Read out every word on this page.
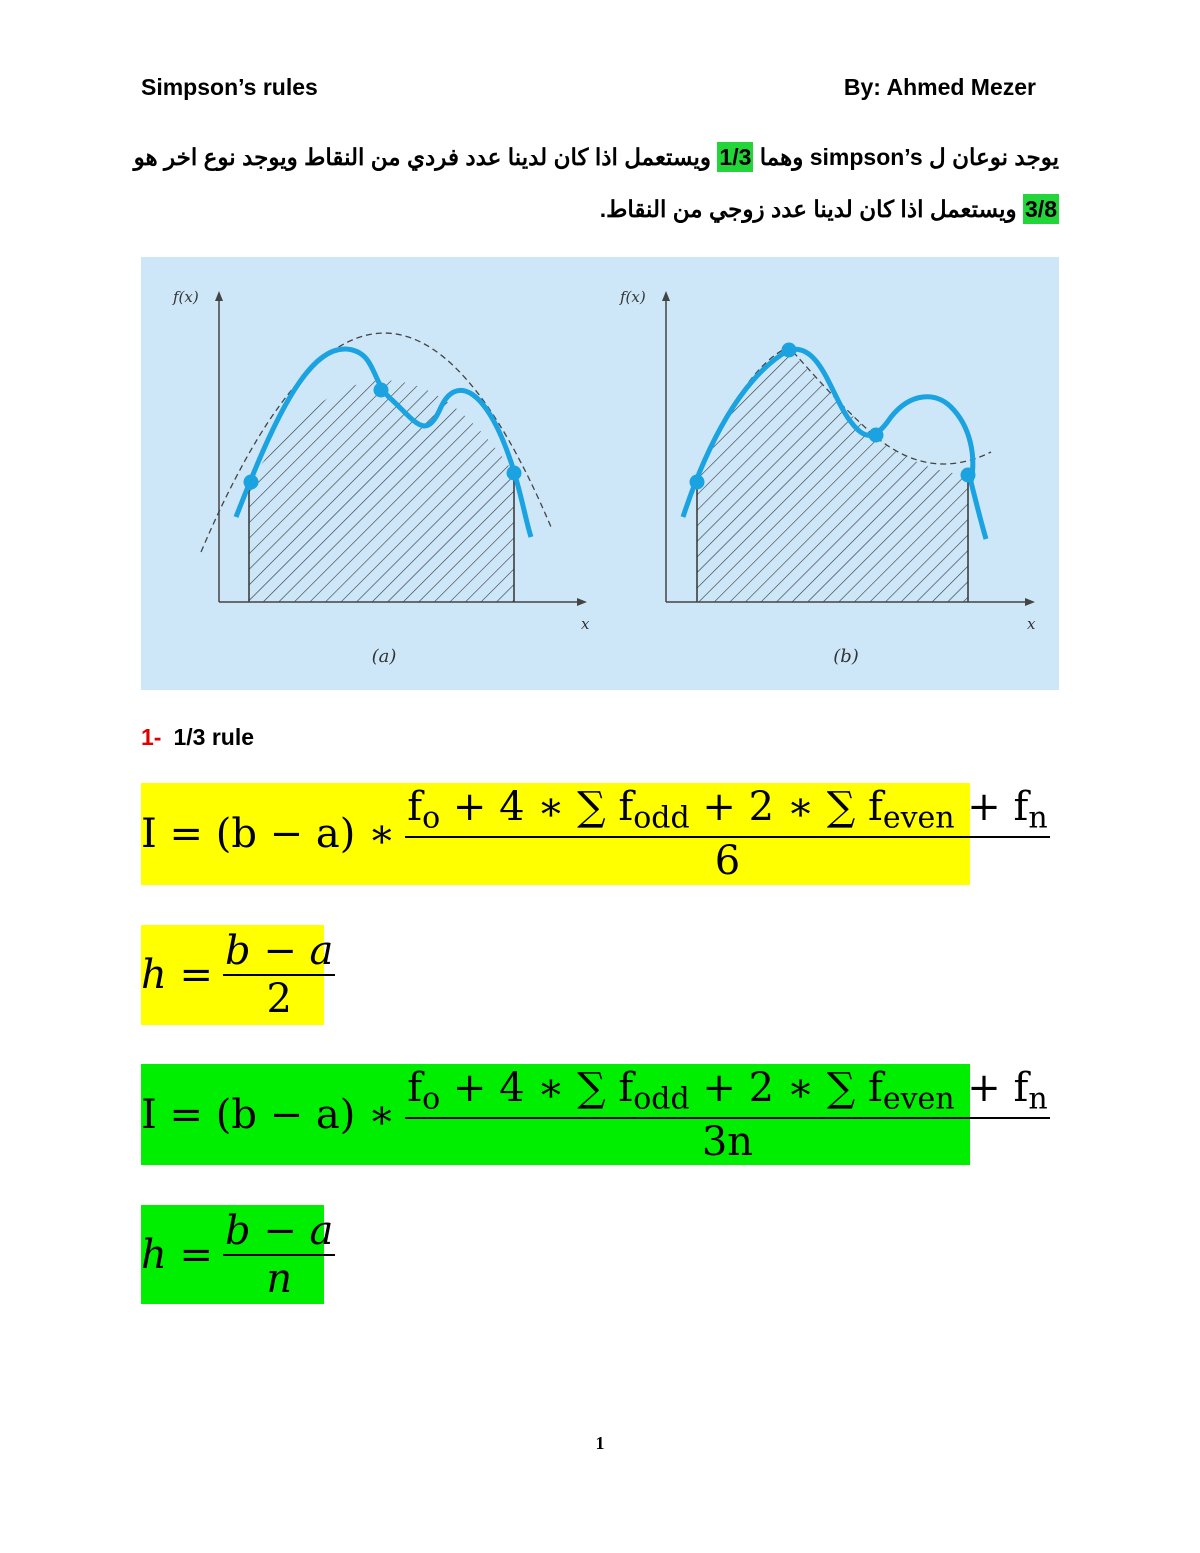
Simpson’s rules	By: Ahmed Mezer
يوجد نوعان ل simpson’s وهما 1/3 ويستعمل اذا كان لدينا عدد فردي من النقاط ويوجد نوع اخر هو
3/8 ويستعمل اذا كان لدينا عدد زوجي من النقاط.
f(x)
x
(a)
f(x)
x
(b)
1- 1/3 rule
I = (b − a) ∗ $\frac{f_o + 4 ∗ \sum f_{odd} + 2 ∗ \sum f_{even} + f_n}{6}$
$h = \frac{b - a}{2}$
I = (b − a) ∗ $\frac{f_o + 4 ∗ \sum f_{odd} + 2 ∗ \sum f_{even} + f_n}{3n}$
$h = \frac{b - a}{n}$
1
